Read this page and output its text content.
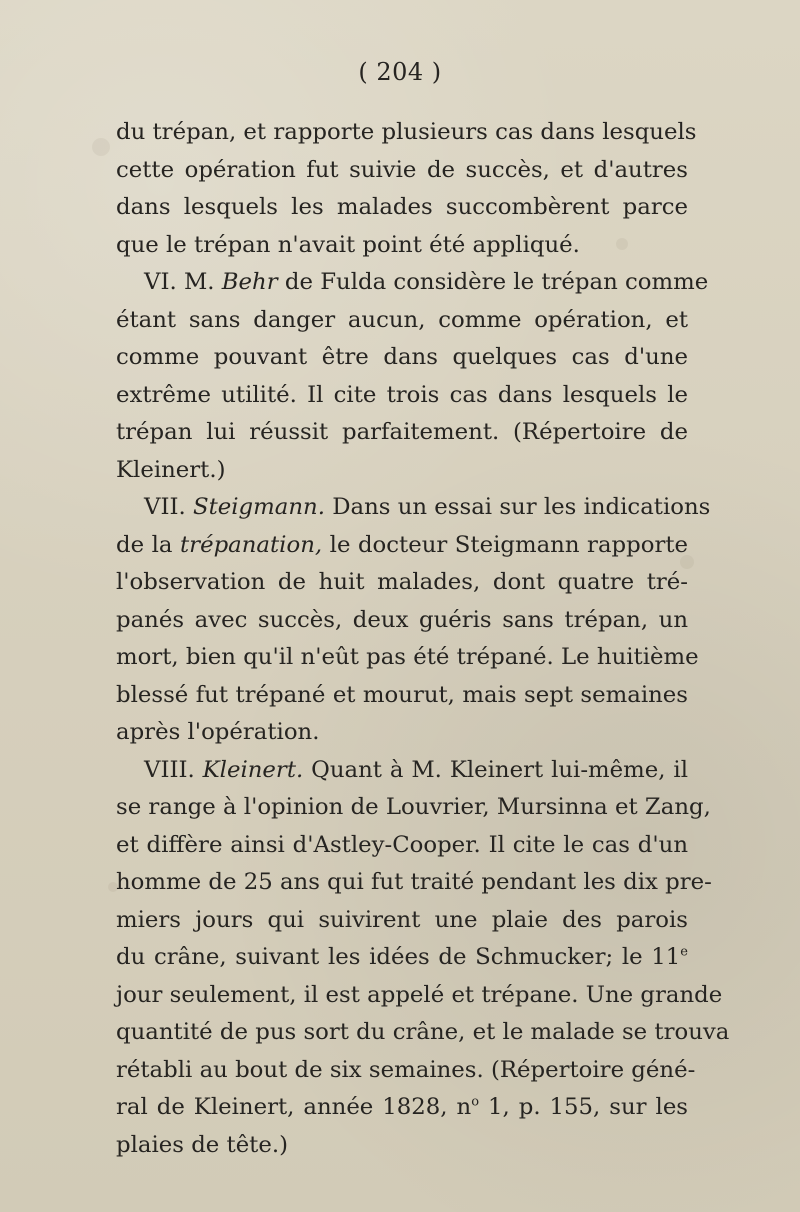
( 204 )
du trépan, et rapporte plusieurs cas dans lesquels
cette opération fut suivie de succès, et d'autres
dans lesquels les malades succombèrent parce
que le trépan n'avait point été appliqué.
VI. M. Behr de Fulda considère le trépan comme
étant sans danger aucun, comme opération, et
comme pouvant être dans quelques cas d'une
extrême utilité. Il cite trois cas dans lesquels le
trépan lui réussit parfaitement. (Répertoire de
Kleinert.)
VII. Steigmann. Dans un essai sur les indications
de la trépanation, le docteur Steigmann rapporte
l'observation de huit malades, dont quatre tré-
panés avec succès, deux guéris sans trépan, un
mort, bien qu'il n'eût pas été trépané. Le huitième
blessé fut trépané et mourut, mais sept semaines
après l'opération.
VIII. Kleinert. Quant à M. Kleinert lui-même, il
se range à l'opinion de Louvrier, Mursinna et Zang,
et diffère ainsi d'Astley-Cooper. Il cite le cas d'un
homme de 25 ans qui fut traité pendant les dix pre-
miers jours qui suivirent une plaie des parois
du crâne, suivant les idées de Schmucker; le 11e
jour seulement, il est appelé et trépane. Une grande
quantité de pus sort du crâne, et le malade se trouva
rétabli au bout de six semaines. (Répertoire géné-
ral de Kleinert, année 1828, $n^o$ 1, p. 155, sur les
plaies de tête.)
